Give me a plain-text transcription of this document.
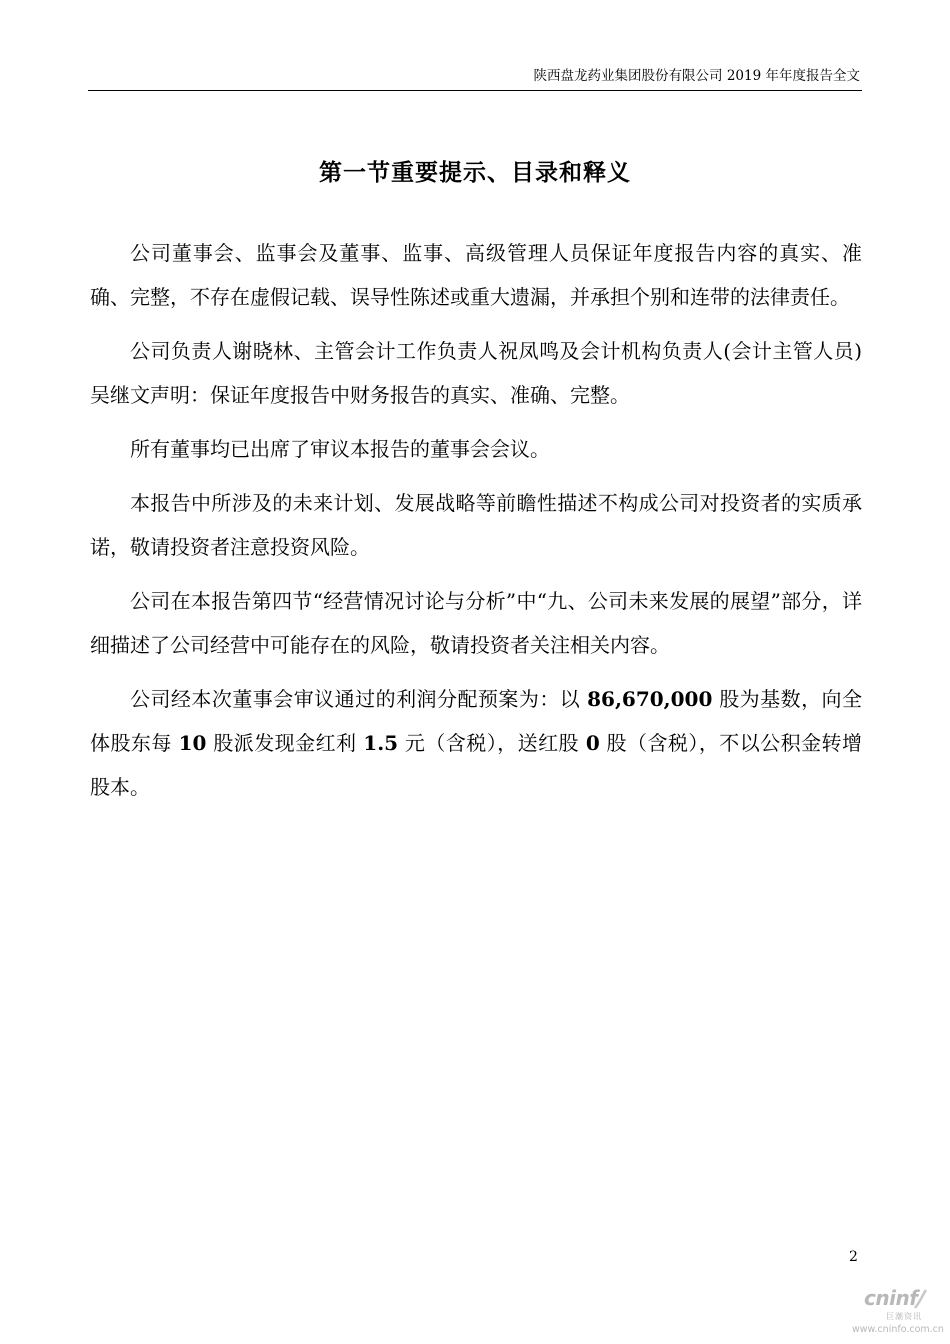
陕西盘龙药业集团股份有限公司 2019 年年度报告全文
第一节重要提示、目录和释义

公司董事会、监事会及董事、监事、高级管理人员保证年度报告内容的真实、准确、完整，不存在虚假记载、误导性陈述或重大遗漏，并承担个别和连带的法律责任。

公司负责人谢晓林、主管会计工作负责人祝凤鸣及会计机构负责人(会计主管人员)吴继文声明：保证年度报告中财务报告的真实、准确、完整。

所有董事均已出席了审议本报告的董事会会议。

本报告中所涉及的未来计划、发展战略等前瞻性描述不构成公司对投资者的实质承诺，敬请投资者注意投资风险。

公司在本报告第四节“经营情况讨论与分析”中“九、公司未来发展的展望”部分，详细描述了公司经营中可能存在的风险，敬请投资者关注相关内容。

公司经本次董事会审议通过的利润分配预案为：以 86,670,000 股为基数，向全体股东每 10 股派发现金红利 1.5 元（含税），送红股 0 股（含税），不以公积金转增股本。

2
cninf
巨潮资讯
www.cninfo.com.cn
